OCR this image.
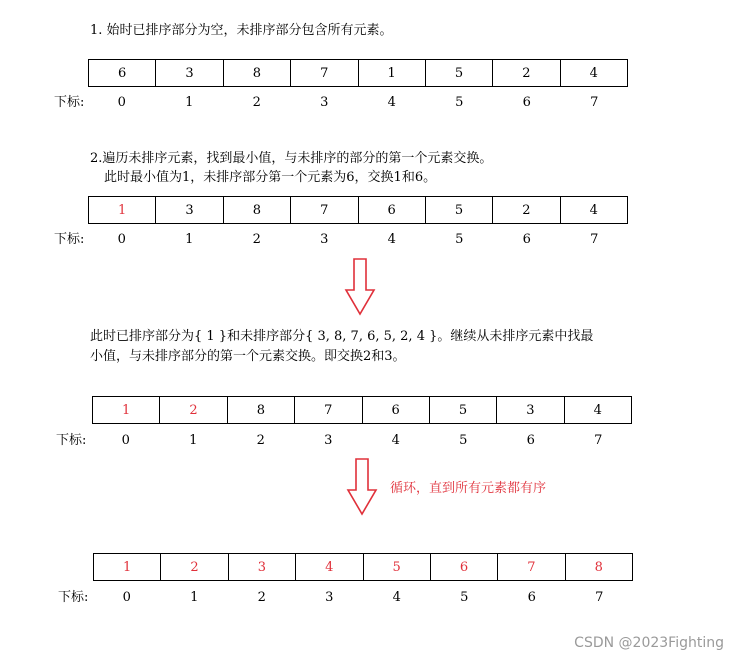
1. 始时已排序部分为空，未排序部分包含所有元素。
6	3	8	7	1	5	2	4
下标:	0	1	2	3	4	5	6	7
2.遍历未排序元素，找到最小值，与未排序的部分的第一个元素交换。
此时最小值为1，未排序部分第一个元素为6，交换1和6。
1	3	8	7	6	5	2	4
下标:	0	1	2	3	4	5	6	7
此时已排序部分为{ 1 }和未排序部分{ 3, 8, 7, 6, 5, 2, 4 }。继续从未排序元素中找最
小值，与未排序部分的第一个元素交换。即交换2和3。
1	2	8	7	6	5	3	4
下标:	0	1	2	3	4	5	6	7
循环，直到所有元素都有序
1	2	3	4	5	6	7	8
下标:	0	1	2	3	4	5	6	7
CSDN @2023Fighting
